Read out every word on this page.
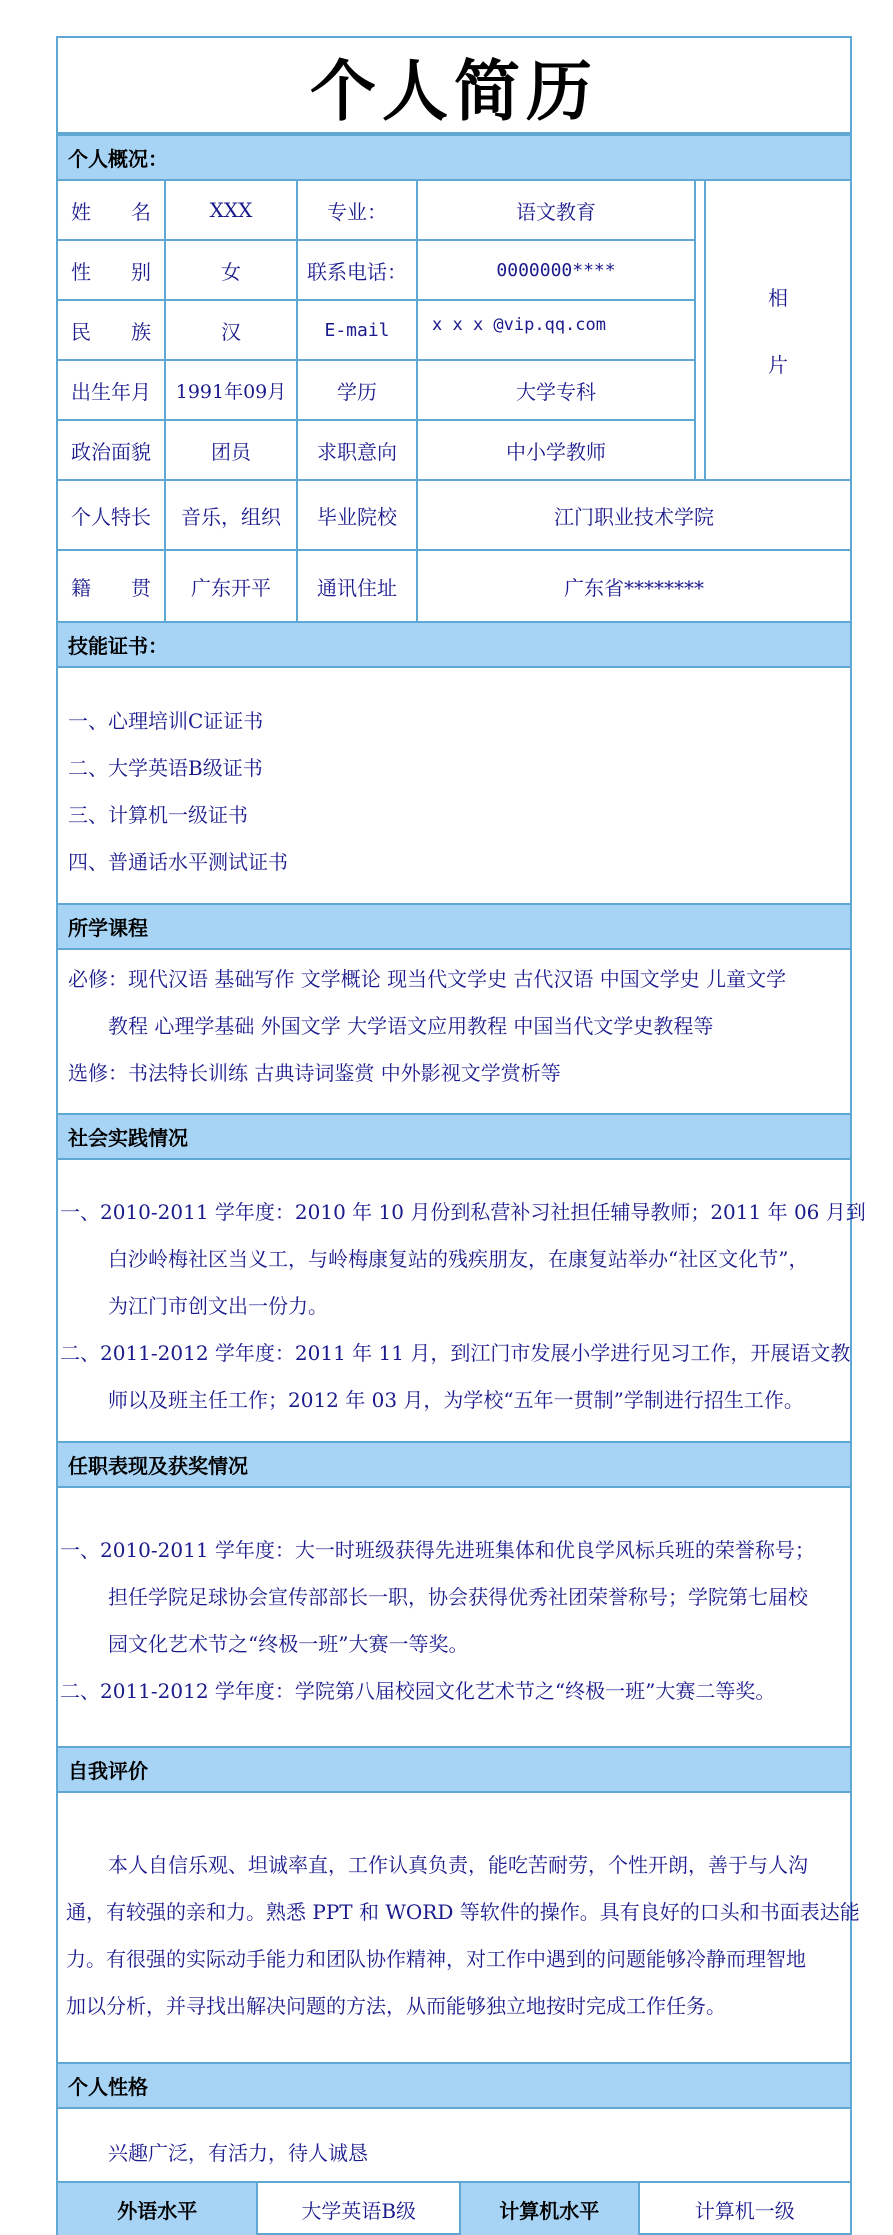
个人简历
个人概况：
姓　　名	XXX	专业：	语文教育
性　　别	女	联系电话：	0000000****
民　　族	汉	E-mail	x x x @vip.qq.com
出生年月	1991年09月	学历	大学专科
政治面貌	团员	求职意向	中小学教师
相
片
个人特长	音乐，组织	毕业院校	江门职业技术学院
籍　　贯	广东开平	通讯住址	广东省********
技能证书：
一、心理培训C证证书
二、大学英语B级证书
三、计算机一级证书
四、普通话水平测试证书
所学课程
必修：现代汉语 基础写作 文学概论 现当代文学史 古代汉语 中国文学史 儿童文学
教程 心理学基础 外国文学 大学语文应用教程 中国当代文学史教程等
选修：书法特长训练 古典诗词鉴赏 中外影视文学赏析等
社会实践情况
一、2010-2011 学年度：2010 年 10 月份到私营补习社担任辅导教师；2011 年 06 月到
白沙岭梅社区当义工，与岭梅康复站的残疾朋友，在康复站举办“社区文化节”，
为江门市创文出一份力。
二、2011-2012 学年度：2011 年 11 月，到江门市发展小学进行见习工作，开展语文教
师以及班主任工作；2012 年 03 月，为学校“五年一贯制”学制进行招生工作。
任职表现及获奖情况
一、2010-2011 学年度：大一时班级获得先进班集体和优良学风标兵班的荣誉称号；
担任学院足球协会宣传部部长一职，协会获得优秀社团荣誉称号；学院第七届校
园文化艺术节之“终极一班”大赛一等奖。
二、2011-2012 学年度：学院第八届校园文化艺术节之“终极一班”大赛二等奖。
自我评价
本人自信乐观、坦诚率直，工作认真负责，能吃苦耐劳，个性开朗，善于与人沟
通，有较强的亲和力。熟悉 PPT 和 WORD 等软件的操作。具有良好的口头和书面表达能
力。有很强的实际动手能力和团队协作精神，对工作中遇到的问题能够冷静而理智地
加以分析，并寻找出解决问题的方法，从而能够独立地按时完成工作任务。
个人性格
兴趣广泛，有活力，待人诚恳
外语水平	大学英语B级	计算机水平	计算机一级
